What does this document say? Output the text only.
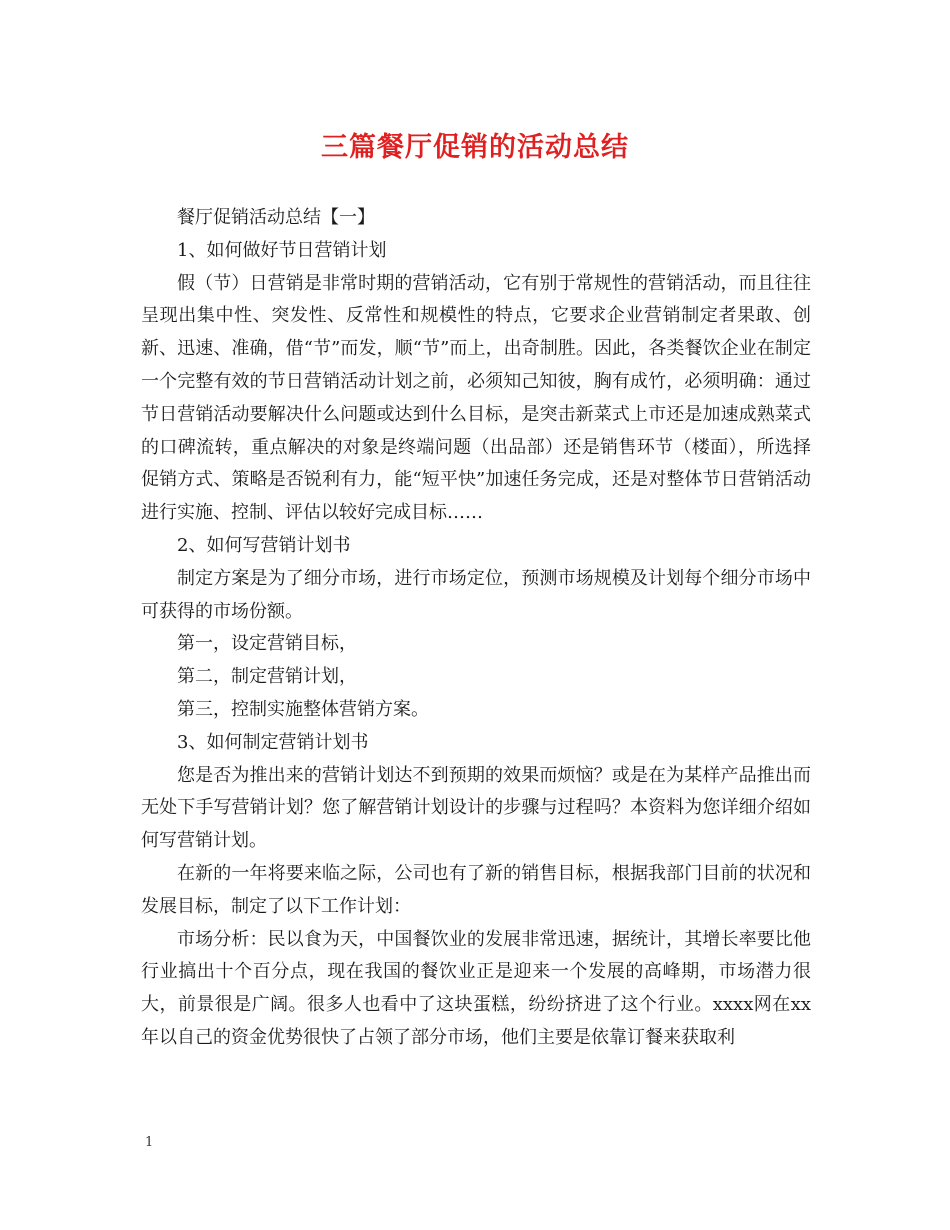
三篇餐厅促销的活动总结

餐厅促销活动总结【一】

1、如何做好节日营销计划

假（节）日营销是非常时期的营销活动，它有别于常规性的营销活动，而且往往呈现出集中性、突发性、反常性和规模性的特点，它要求企业营销制定者果敢、创新、迅速、准确，借“节”而发，顺“节”而上，出奇制胜。因此，各类餐饮企业在制定一个完整有效的节日营销活动计划之前，必须知己知彼，胸有成竹，必须明确：通过节日营销活动要解决什么问题或达到什么目标，是突击新菜式上市还是加速成熟菜式的口碑流转，重点解决的对象是终端问题（出品部）还是销售环节（楼面），所选择促销方式、策略是否锐利有力，能“短平快”加速任务完成，还是对整体节日营销活动进行实施、控制、评估以较好完成目标……

2、如何写营销计划书

制定方案是为了细分市场，进行市场定位，预测市场规模及计划每个细分市场中可获得的市场份额。

第一，设定营销目标，

第二，制定营销计划，

第三，控制实施整体营销方案。

3、如何制定营销计划书

您是否为推出来的营销计划达不到预期的效果而烦恼？或是在为某样产品推出而无处下手写营销计划？您了解营销计划设计的步骤与过程吗？本资料为您详细介绍如何写营销计划。

在新的一年将要来临之际，公司也有了新的销售目标，根据我部门目前的状况和发展目标，制定了以下工作计划：

市场分析：民以食为天，中国餐饮业的发展非常迅速，据统计，其增长率要比他行业搞出十个百分点，现在我国的餐饮业正是迎来一个发展的高峰期，市场潜力很大，前景很是广阔。很多人也看中了这块蛋糕，纷纷挤进了这个行业。xxxx网在xx年以自己的资金优势很快了占领了部分市场，他们主要是依靠订餐来获取利

1
